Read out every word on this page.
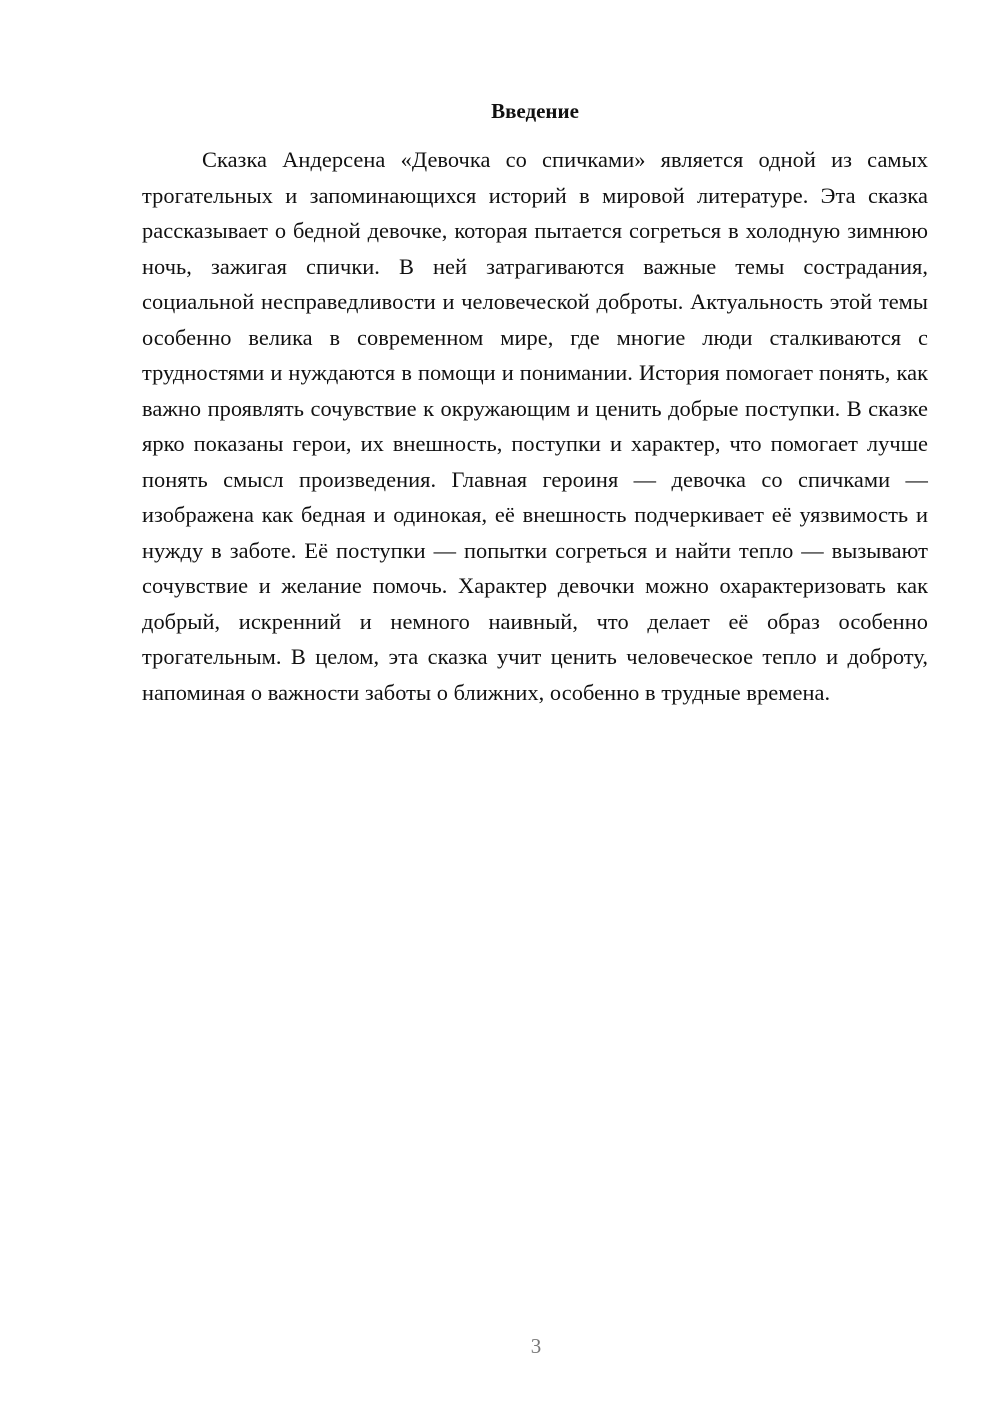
Введение

Сказка Андерсена «Девочка со спичками» является одной из самых трогательных и запоминающихся историй в мировой литературе. Эта сказка рассказывает о бедной девочке, которая пытается согреться в холодную зимнюю ночь, зажигая спички. В ней затрагиваются важные темы сострадания, социальной несправедливости и человеческой доброты. Актуальность этой темы особенно велика в современном мире, где многие люди сталкиваются с трудностями и нуждаются в помощи и понимании. История помогает понять, как важно проявлять сочувствие к окружающим и ценить добрые поступки. В сказке ярко показаны герои, их внешность, поступки и характер, что помогает лучше понять смысл произведения. Главная героиня — девочка со спичками — изображена как бедная и одинокая, её внешность подчеркивает её уязвимость и нужду в заботе. Её поступки — попытки согреться и найти тепло — вызывают сочувствие и желание помочь. Характер девочки можно охарактеризовать как добрый, искренний и немного наивный, что делает её образ особенно трогательным. В целом, эта сказка учит ценить человеческое тепло и доброту, напоминая о важности заботы о ближних, особенно в трудные времена.

3
